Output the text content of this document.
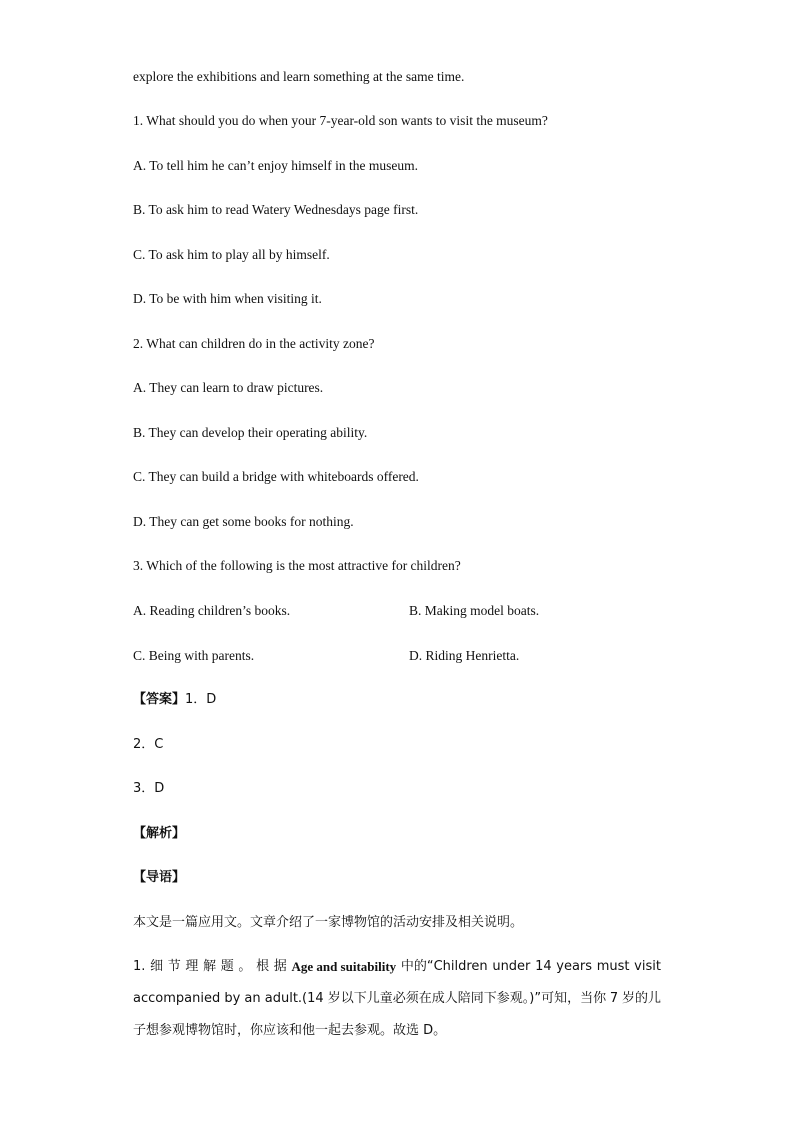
explore the exhibitions and learn something at the same time.
1. What should you do when your 7-year-old son wants to visit the museum?
A. To tell him he can’t enjoy himself in the museum.
B. To ask him to read Watery Wednesdays page first.
C. To ask him to play all by himself.
D. To be with him when visiting it.
2. What can children do in the activity zone?
A. They can learn to draw pictures.
B. They can develop their operating ability.
C. They can build a bridge with whiteboards offered.
D. They can get some books for nothing.
3. Which of the following is the most attractive for children?
A. Reading children’s books.	B. Making model boats.
C. Being with parents.	D. Riding Henrietta.
【答案】1．D
2．C
3．D
【解析】
【导语】
本文是一篇应用文。文章介绍了一家博物馆的活动安排及相关说明。
1. 细 节 理 解 题 。 根 据 Age and suitability 中的“Children under 14 years must visit
accompanied by an adult.(14 岁以下儿童必须在成人陪同下参观。)”可知，当你 7 岁的儿
子想参观博物馆时，你应该和他一起去参观。故选 D。
